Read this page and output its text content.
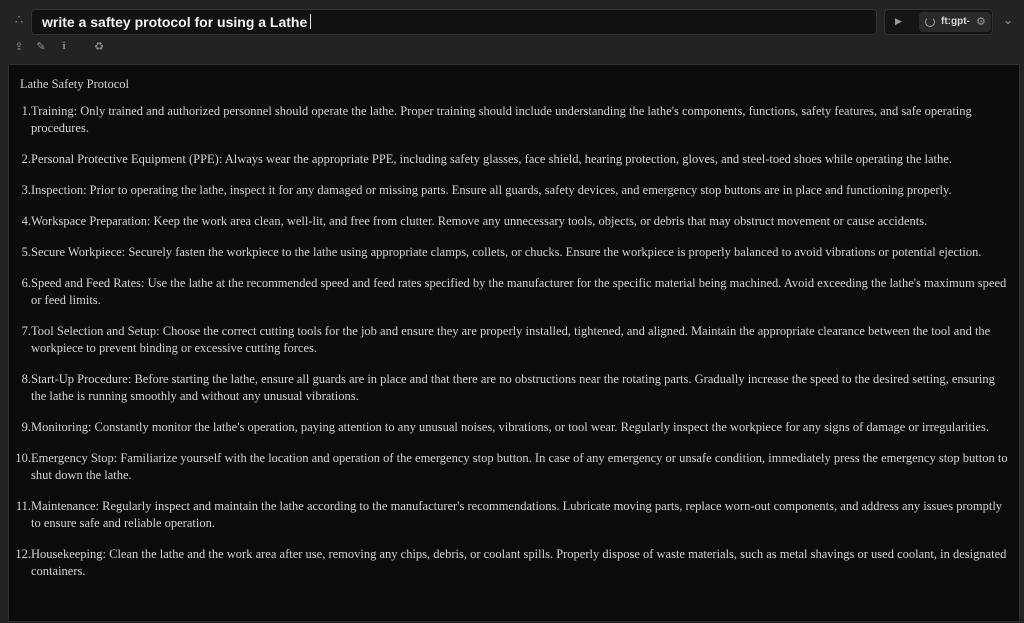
∴ write a saftey protocol for using a Lathe	▶	ft:gpt- ⚙ ⌄
⇪ ✎	i	♻
Lathe Safety Protocol
1. Training: Only trained and authorized personnel should operate the lathe. Proper training should include understanding the lathe's components, functions, safety features, and safe operating procedures.
2. Personal Protective Equipment (PPE): Always wear the appropriate PPE, including safety glasses, face shield, hearing protection, gloves, and steel-toed shoes while operating the lathe.
3. Inspection: Prior to operating the lathe, inspect it for any damaged or missing parts. Ensure all guards, safety devices, and emergency stop buttons are in place and functioning properly.
4. Workspace Preparation: Keep the work area clean, well-lit, and free from clutter. Remove any unnecessary tools, objects, or debris that may obstruct movement or cause accidents.
5. Secure Workpiece: Securely fasten the workpiece to the lathe using appropriate clamps, collets, or chucks. Ensure the workpiece is properly balanced to avoid vibrations or potential ejection.
6. Speed and Feed Rates: Use the lathe at the recommended speed and feed rates specified by the manufacturer for the specific material being machined. Avoid exceeding the lathe's maximum speed or feed limits.
7. Tool Selection and Setup: Choose the correct cutting tools for the job and ensure they are properly installed, tightened, and aligned. Maintain the appropriate clearance between the tool and the workpiece to prevent binding or excessive cutting forces.
8. Start-Up Procedure: Before starting the lathe, ensure all guards are in place and that there are no obstructions near the rotating parts. Gradually increase the speed to the desired setting, ensuring the lathe is running smoothly and without any unusual vibrations.
9. Monitoring: Constantly monitor the lathe's operation, paying attention to any unusual noises, vibrations, or tool wear. Regularly inspect the workpiece for any signs of damage or irregularities.
10. Emergency Stop: Familiarize yourself with the location and operation of the emergency stop button. In case of any emergency or unsafe condition, immediately press the emergency stop button to shut down the lathe.
11. Maintenance: Regularly inspect and maintain the lathe according to the manufacturer's recommendations. Lubricate moving parts, replace worn-out components, and address any issues promptly to ensure safe and reliable operation.
12. Housekeeping: Clean the lathe and the work area after use, removing any chips, debris, or coolant spills. Properly dispose of waste materials, such as metal shavings or used coolant, in designated containers.
